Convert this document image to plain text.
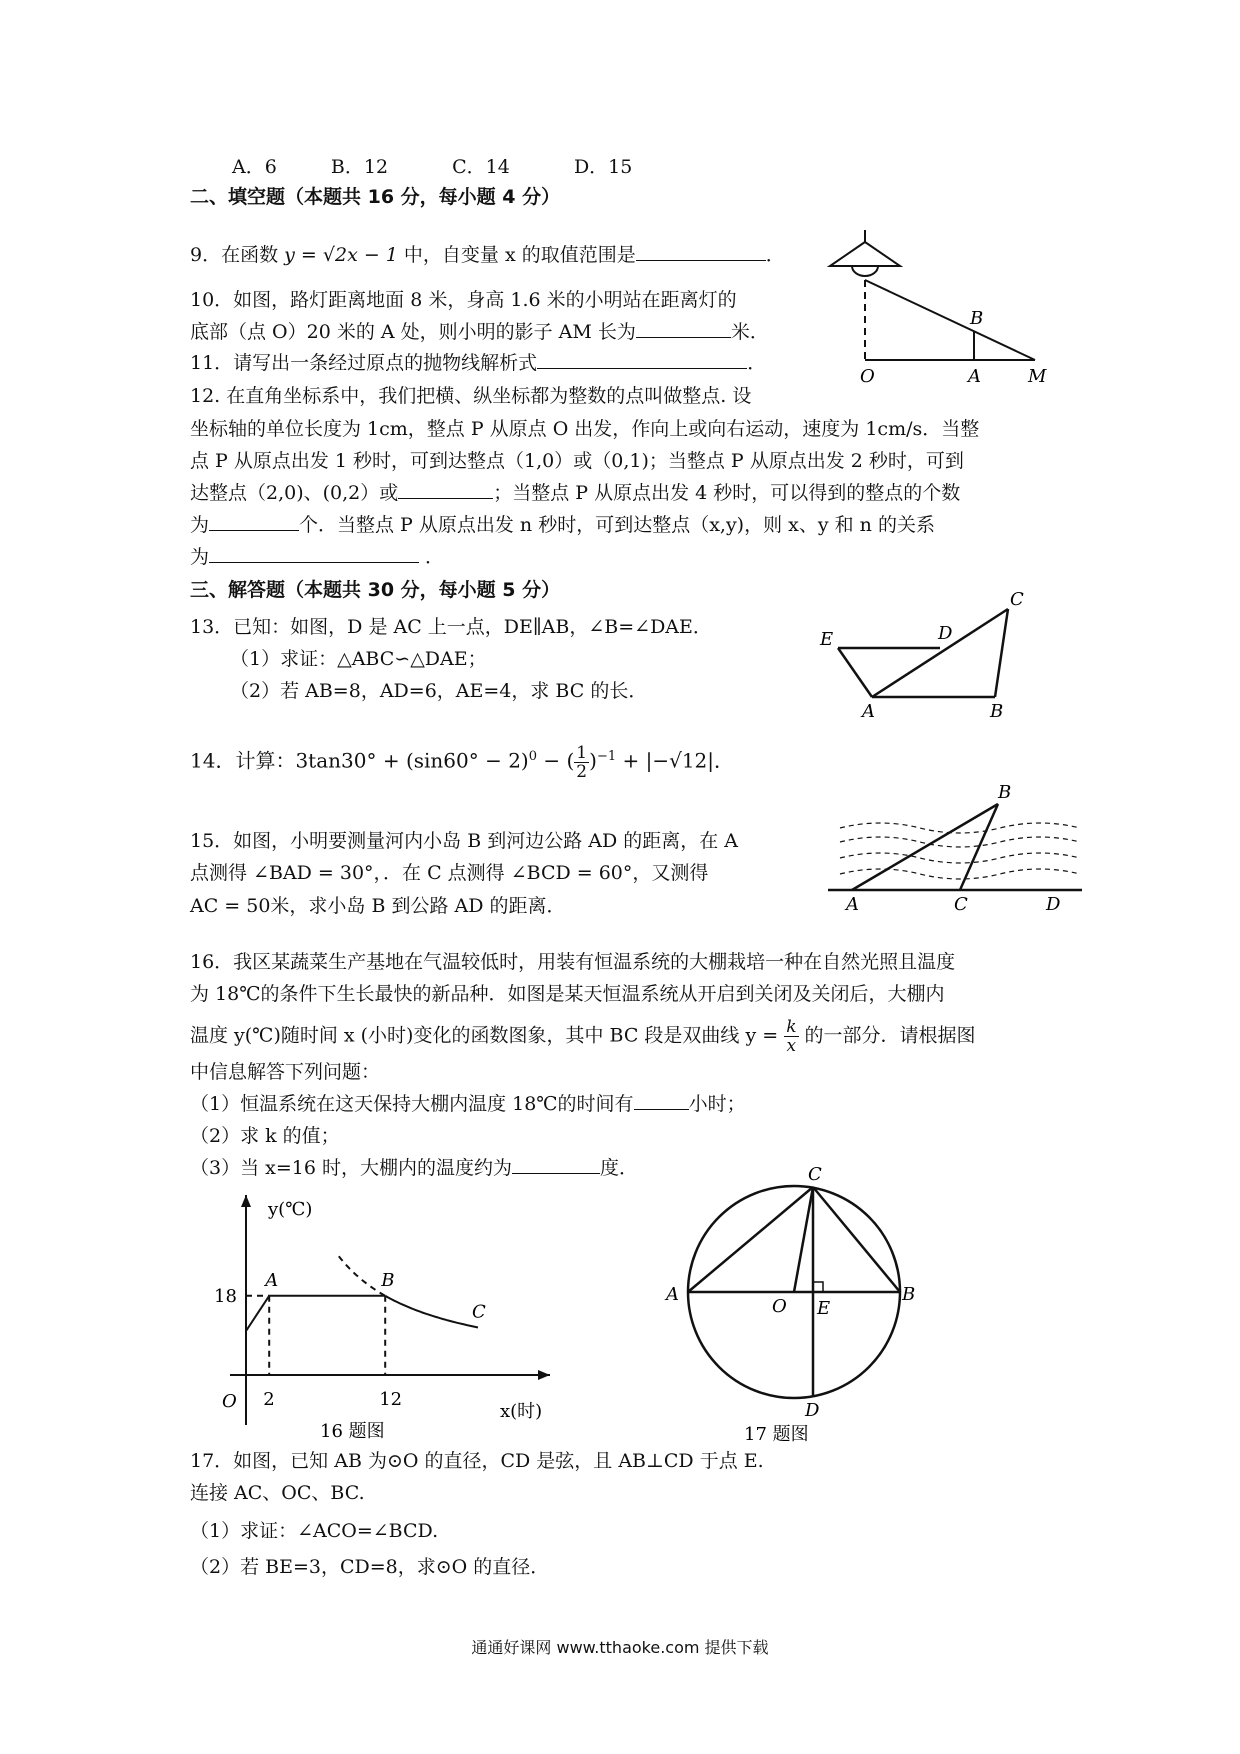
A．6	B．12	C．14	D．15
二、填空题（本题共 16 分，每小题 4 分）
9．在函数 y = √2x − 1 中，自变量 x 的取值范围是	．
10．如图，路灯距离地面 8 米，身高 1.6 米的小明站在距离灯的
底部（点 O）20 米的 A 处，则小明的影子 AM 长为	米．
11．请写出一条经过原点的抛物线解析式	．
O	A
B
M
12. 在直角坐标系中，我们把横、纵坐标都为整数的点叫做整点. 设
坐标轴的单位长度为 1cm，整点 P 从原点 O 出发，作向上或向右运动，速度为 1cm/s．当整
点 P 从原点出发 1 秒时，可到达整点（1,0）或（0,1)；当整点 P 从原点出发 2 秒时，可到
达整点（2,0)、(0,2）或	；当整点 P 从原点出发 4 秒时，可以得到的整点的个数
为	个．当整点 P 从原点出发 n 秒时，可到达整点（x,y)，则 x、y 和 n 的关系
为	．
三、解答题（本题共 30 分，每小题 5 分）
13．已知：如图，D 是 AC 上一点，DE∥AB，∠B=∠DAE．
（1）求证：△ABC∽△DAE；
（2）若 AB=8，AD=6，AE=4，求 BC 的长．
E	D
C
A	B
14．计算：$3\tan 30^\circ + (\sin 60^\circ - 2)^0$ − ( $\frac{1}{2} )^{-1} + |-√12|$．
15．如图，小明要测量河内小岛 B 到河边公路 AD 的距离，在 A
点测得 ∠BAD = 30°，．在 C 点测得 ∠BCD = 60°，又测得
AC = 50米，求小岛 B 到公路 AD 的距离．	A	C	D
B
16．我区某蔬菜生产基地在气温较低时，用装有恒温系统的大棚栽培一种在自然光照且温度
为 18℃的条件下生长最快的新品种．如图是某天恒温系统从开启到关闭及关闭后，大棚内
温度 y(℃)随时间 x (小时)变化的函数图象，其中 BC 段是双曲线 $y = \frac{k}{x}$ 的一部分．请根据图
中信息解答下列问题：
（1）恒温系统在这天保持大棚内温度 18℃的时间有	小时；
（2）求 k 的值；
（3）当 x=16 时，大棚内的温度约为	度．
A	B
C
2	12
18
y(℃)
x(时)
O
16 题图
C
A	B
O E
D
17 题图
17．如图，已知 AB 为⊙O 的直径，CD 是弦，且 AB⊥CD 于点 E.
连接 AC、OC、BC.
（1）求证：∠ACO=∠BCD.
（2）若 BE=3，CD=8，求⊙O 的直径．
通通好课网 www.tthaoke.com 提供下载
